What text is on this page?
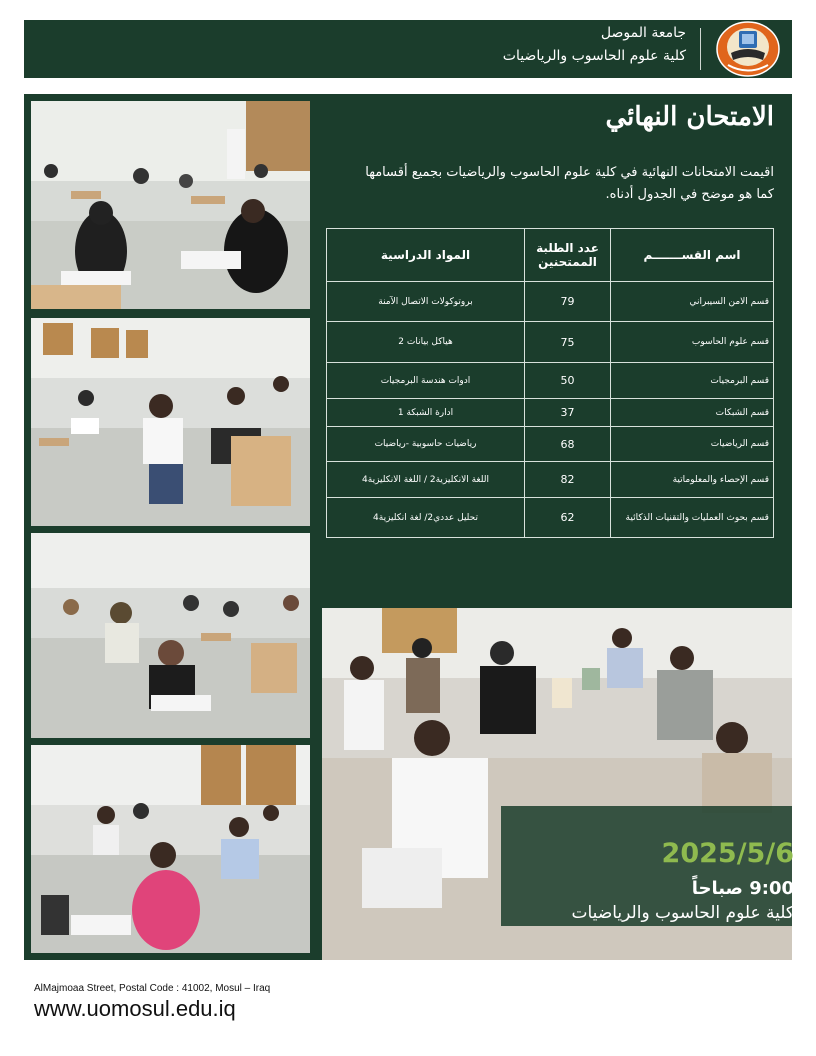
جامعة الموصل
كلية علوم الحاسوب والرياضيات
الامتحان النهائي
اقيمت الامتحانات النهائية في كلية علوم الحاسوب والرياضيات بجميع أقسامها كما هو موضح في الجدول أدناه.
اسم القســـــــم	عدد الطلبة الممتحنين	المواد الدراسية
قسم الامن السيبراني	79	بروتوكولات الاتصال الآمنة
قسم علوم الحاسوب	75	هياكل بيانات 2
قسم البرمجيات	50	ادوات هندسة البرمجيات
قسم الشبكات	37	ادارة الشبكة 1
قسم الرياضيات	68	رياضيات حاسوبية -رياضيات
قسم الإحصاء والمعلوماتية	82	اللغة الانكليزية2 / اللغة الانكليزية4
قسم بحوث العمليات والتقنيات الذكائية	62	تحليل عددي2/ لغة انكليزية4
2025/5/6
9:00 صباحاً
كلية علوم الحاسوب والرياضيات
AlMajmoaa Street, Postal Code : 41002, Mosul – Iraq
www.uomosul.edu.iq
